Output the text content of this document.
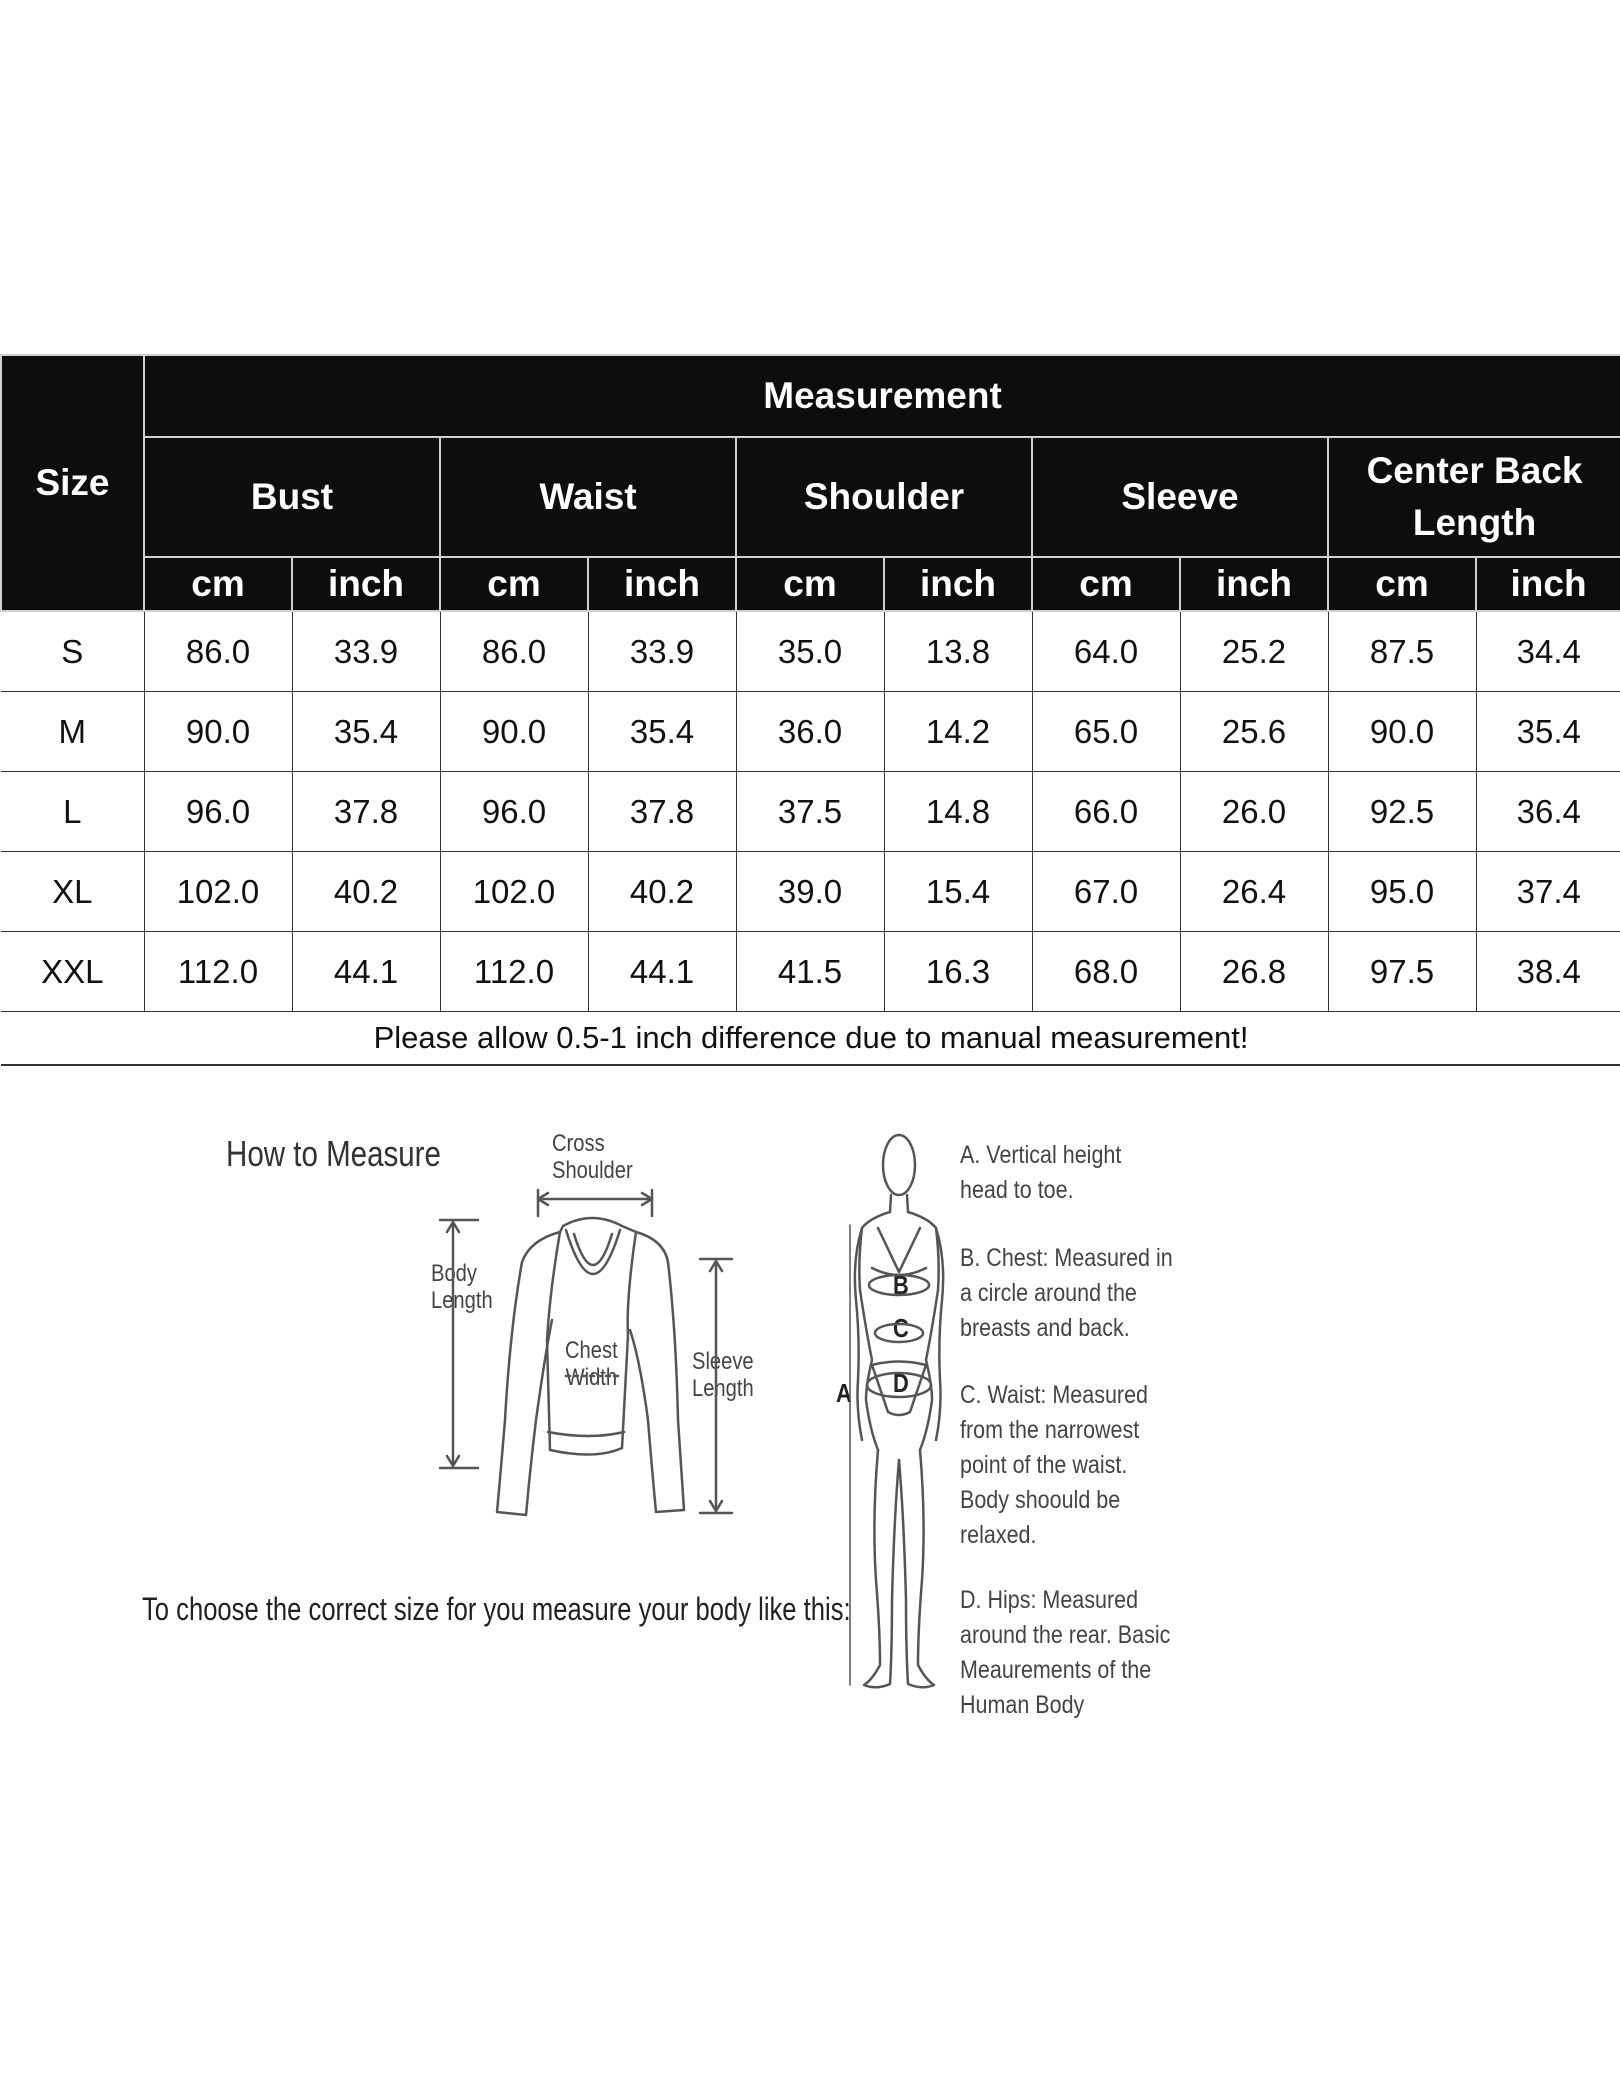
Size	Measurement									
	Bust		Waist		Shoulder		Sleeve		Center Back Length	
	cm	inch	cm	inch	cm	inch	cm	inch	cm	inch
S	86.0	33.9	86.0	33.9	35.0	13.8	64.0	25.2	87.5	34.4
M	90.0	35.4	90.0	35.4	36.0	14.2	65.0	25.6	90.0	35.4
L	96.0	37.8	96.0	37.8	37.5	14.8	66.0	26.0	92.5	36.4
XL	102.0	40.2	102.0	40.2	39.0	15.4	67.0	26.4	95.0	37.4
XXL	112.0	44.1	112.0	44.1	41.5	16.3	68.0	26.8	97.5	38.4
Please allow 0.5-1 inch difference due to manual measurement!										
How to Measure
To choose the correct size for you measure your body like this:
Cross
Shoulder
Body
Length
Chest
Width
Sleeve
Length	A
B
C
D
A. Vertical height head to toe.
B. Chest: Measured in a circle around the breasts and back.
C. Waist: Measured from the narrowest point of the waist. Body shoould be relaxed.
D. Hips: Measured around the rear. Basic Meaurements of the Human Body
